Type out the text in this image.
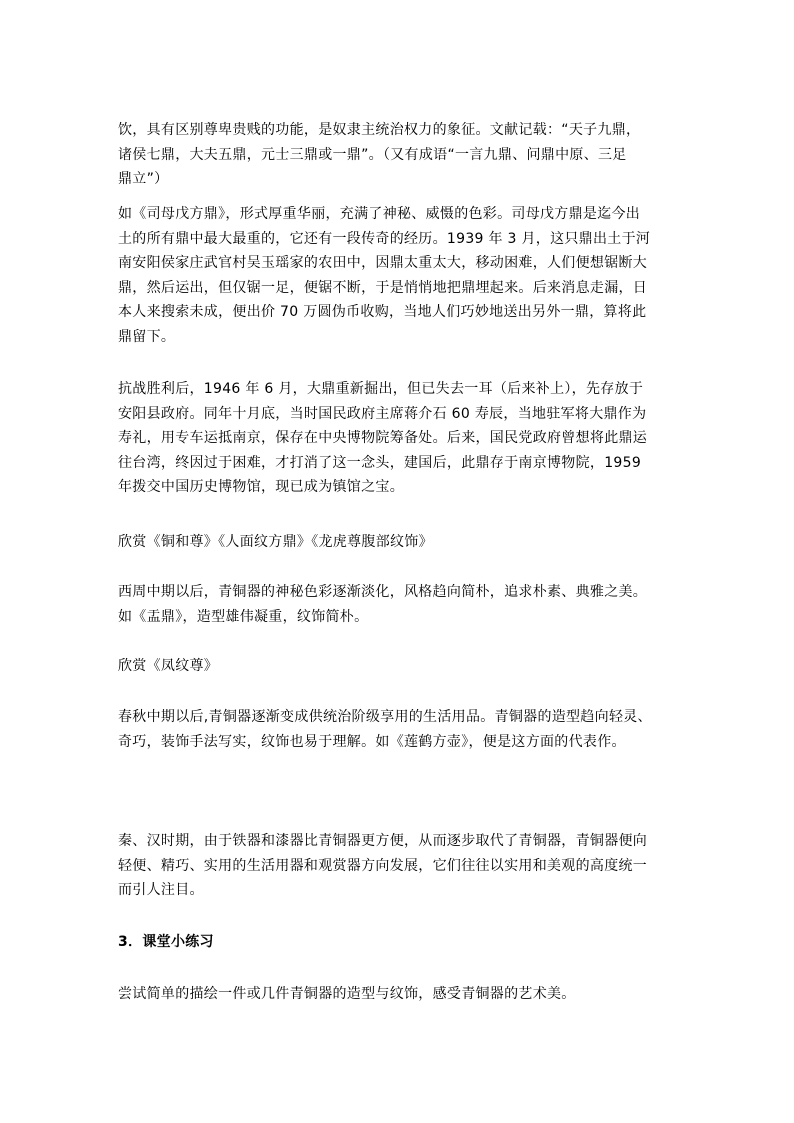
饮，具有区别尊卑贵贱的功能，是奴隶主统治权力的象征。文献记载：“天子九鼎，
诸侯七鼎，大夫五鼎，元士三鼎或一鼎”。（又有成语“一言九鼎、问鼎中原、三足
鼎立”）
如《司母戊方鼎》，形式厚重华丽，充满了神秘、威慑的色彩。司母戊方鼎是迄今出
土的所有鼎中最大最重的，它还有一段传奇的经历。1939 年 3 月，这只鼎出土于河
南安阳侯家庄武官村吴玉瑶家的农田中，因鼎太重太大，移动困难，人们便想锯断大
鼎，然后运出，但仅锯一足，便锯不断，于是悄悄地把鼎埋起来。后来消息走漏，日
本人来搜索未成，便出价 70 万圆伪币收购，当地人们巧妙地送出另外一鼎，算将此
鼎留下。
抗战胜利后，1946 年 6 月，大鼎重新掘出，但已失去一耳（后来补上），先存放于
安阳县政府。同年十月底，当时国民政府主席蒋介石 60 寿辰，当地驻军将大鼎作为
寿礼，用专车运抵南京，保存在中央博物院筹备处。后来，国民党政府曾想将此鼎运
往台湾，终因过于困难，才打消了这一念头，建国后，此鼎存于南京博物院，1959
年拨交中国历史博物馆，现已成为镇馆之宝。
欣赏《铜和尊》《人面纹方鼎》《龙虎尊腹部纹饰》
西周中期以后，青铜器的神秘色彩逐渐淡化，风格趋向简朴，追求朴素、典雅之美。
如《盂鼎》，造型雄伟凝重，纹饰简朴。
欣赏《凤纹尊》
春秋中期以后,青铜器逐渐变成供统治阶级享用的生活用品。青铜器的造型趋向轻灵、
奇巧，装饰手法写实，纹饰也易于理解。如《莲鹤方壶》，便是这方面的代表作。
秦、汉时期，由于铁器和漆器比青铜器更方便，从而逐步取代了青铜器，青铜器便向
轻便、精巧、实用的生活用器和观赏器方向发展，它们往往以实用和美观的高度统一
而引人注目。
3．课堂小练习
尝试简单的描绘一件或几件青铜器的造型与纹饰，感受青铜器的艺术美。
